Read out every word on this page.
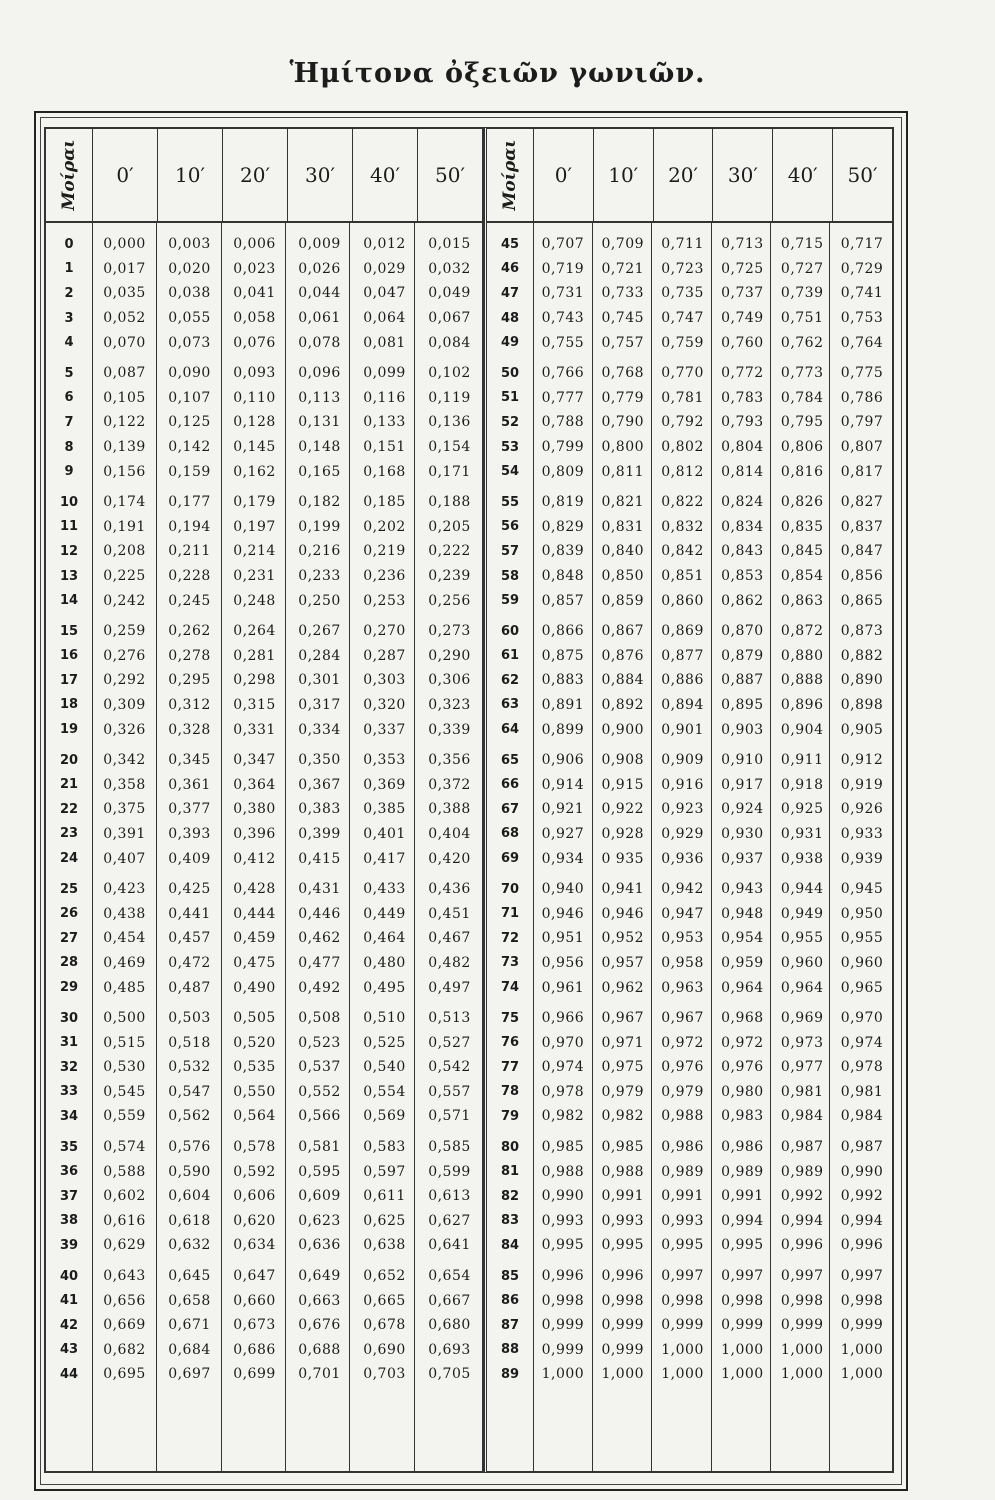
Ἡμίτονα ὀξειῶν γωνιῶν.
Μοίραι	0′	10′	20′	30′	40′	50′
0	0,000	0,003	0,006	0,009	0,012	0,015
1	0,017	0,020	0,023	0,026	0,029	0,032
2	0,035	0,038	0,041	0,044	0,047	0,049
3	0,052	0,055	0,058	0,061	0,064	0,067
4	0,070	0,073	0,076	0,078	0,081	0,084
5	0,087	0,090	0,093	0,096	0,099	0,102
6	0,105	0,107	0,110	0,113	0,116	0,119
7	0,122	0,125	0,128	0,131	0,133	0,136
8	0,139	0,142	0,145	0,148	0,151	0,154
9	0,156	0,159	0,162	0,165	0,168	0,171
10	0,174	0,177	0,179	0,182	0,185	0,188
11	0,191	0,194	0,197	0,199	0,202	0,205
12	0,208	0,211	0,214	0,216	0,219	0,222
13	0,225	0,228	0,231	0,233	0,236	0,239
14	0,242	0,245	0,248	0,250	0,253	0,256
15	0,259	0,262	0,264	0,267	0,270	0,273
16	0,276	0,278	0,281	0,284	0,287	0,290
17	0,292	0,295	0,298	0,301	0,303	0,306
18	0,309	0,312	0,315	0,317	0,320	0,323
19	0,326	0,328	0,331	0,334	0,337	0,339
20	0,342	0,345	0,347	0,350	0,353	0,356
21	0,358	0,361	0,364	0,367	0,369	0,372
22	0,375	0,377	0,380	0,383	0,385	0,388
23	0,391	0,393	0,396	0,399	0,401	0,404
24	0,407	0,409	0,412	0,415	0,417	0,420
25	0,423	0,425	0,428	0,431	0,433	0,436
26	0,438	0,441	0,444	0,446	0,449	0,451
27	0,454	0,457	0,459	0,462	0,464	0,467
28	0,469	0,472	0,475	0,477	0,480	0,482
29	0,485	0,487	0,490	0,492	0,495	0,497
30	0,500	0,503	0,505	0,508	0,510	0,513
31	0,515	0,518	0,520	0,523	0,525	0,527
32	0,530	0,532	0,535	0,537	0,540	0,542
33	0,545	0,547	0,550	0,552	0,554	0,557
34	0,559	0,562	0,564	0,566	0,569	0,571
35	0,574	0,576	0,578	0,581	0,583	0,585
36	0,588	0,590	0,592	0,595	0,597	0,599
37	0,602	0,604	0,606	0,609	0,611	0,613
38	0,616	0,618	0,620	0,623	0,625	0,627
39	0,629	0,632	0,634	0,636	0,638	0,641
40	0,643	0,645	0,647	0,649	0,652	0,654
41	0,656	0,658	0,660	0,663	0,665	0,667
42	0,669	0,671	0,673	0,676	0,678	0,680
43	0,682	0,684	0,686	0,688	0,690	0,693
44	0,695	0,697	0,699	0,701	0,703	0,705
Μοίραι	0′	10′	20′	30′	40′	50′
45	0,707	0,709	0,711	0,713	0,715	0,717
46	0,719	0,721	0,723	0,725	0,727	0,729
47	0,731	0,733	0,735	0,737	0,739	0,741
48	0,743	0,745	0,747	0,749	0,751	0,753
49	0,755	0,757	0,759	0,760	0,762	0,764
50	0,766	0,768	0,770	0,772	0,773	0,775
51	0,777	0,779	0,781	0,783	0,784	0,786
52	0,788	0,790	0,792	0,793	0,795	0,797
53	0,799	0,800	0,802	0,804	0,806	0,807
54	0,809	0,811	0,812	0,814	0,816	0,817
55	0,819	0,821	0,822	0,824	0,826	0,827
56	0,829	0,831	0,832	0,834	0,835	0,837
57	0,839	0,840	0,842	0,843	0,845	0,847
58	0,848	0,850	0,851	0,853	0,854	0,856
59	0,857	0,859	0,860	0,862	0,863	0,865
60	0,866	0,867	0,869	0,870	0,872	0,873
61	0,875	0,876	0,877	0,879	0,880	0,882
62	0,883	0,884	0,886	0,887	0,888	0,890
63	0,891	0,892	0,894	0,895	0,896	0,898
64	0,899	0,900	0,901	0,903	0,904	0,905
65	0,906	0,908	0,909	0,910	0,911	0,912
66	0,914	0,915	0,916	0,917	0,918	0,919
67	0,921	0,922	0,923	0,924	0,925	0,926
68	0,927	0,928	0,929	0,930	0,931	0,933
69	0,934	0 935	0,936	0,937	0,938	0,939
70	0,940	0,941	0,942	0,943	0,944	0,945
71	0,946	0,946	0,947	0,948	0,949	0,950
72	0,951	0,952	0,953	0,954	0,955	0,955
73	0,956	0,957	0,958	0,959	0,960	0,960
74	0,961	0,962	0,963	0,964	0,964	0,965
75	0,966	0,967	0,967	0,968	0,969	0,970
76	0,970	0,971	0,972	0,972	0,973	0,974
77	0,974	0,975	0,976	0,976	0,977	0,978
78	0,978	0,979	0,979	0,980	0,981	0,981
79	0,982	0,982	0,988	0,983	0,984	0,984
80	0,985	0,985	0,986	0,986	0,987	0,987
81	0,988	0,988	0,989	0,989	0,989	0,990
82	0,990	0,991	0,991	0,991	0,992	0,992
83	0,993	0,993	0,993	0,994	0,994	0,994
84	0,995	0,995	0,995	0,995	0,996	0,996
85	0,996	0,996	0,997	0,997	0,997	0,997
86	0,998	0,998	0,998	0,998	0,998	0,998
87	0,999	0,999	0,999	0,999	0,999	0,999
88	0,999	0,999	1,000	1,000	1,000	1,000
89	1,000	1,000	1,000	1,000	1,000	1,000
